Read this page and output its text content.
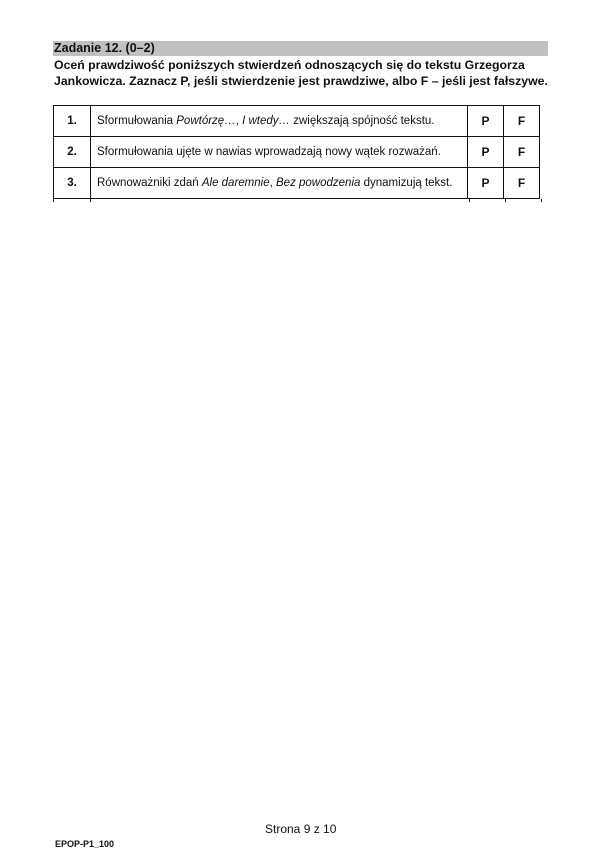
Zadanie 12. (0–2)
Oceń prawdziwość poniższych stwierdzeń odnoszących się do tekstu Grzegorza Jankowicza. Zaznacz P, jeśli stwierdzenie jest prawdziwe, albo F – jeśli jest fałszywe.
1.	Sformułowania Powtórzę…, I wtedy… zwiększają spójność tekstu.	P	F
2.	Sformułowania ujęte w nawias wprowadzają nowy wątek rozważań.	P	F
3.	Równoważniki zdań Ale daremnie, Bez powodzenia dynamizują tekst.	P	F
Strona 9 z 10
EPOP-P1_100
